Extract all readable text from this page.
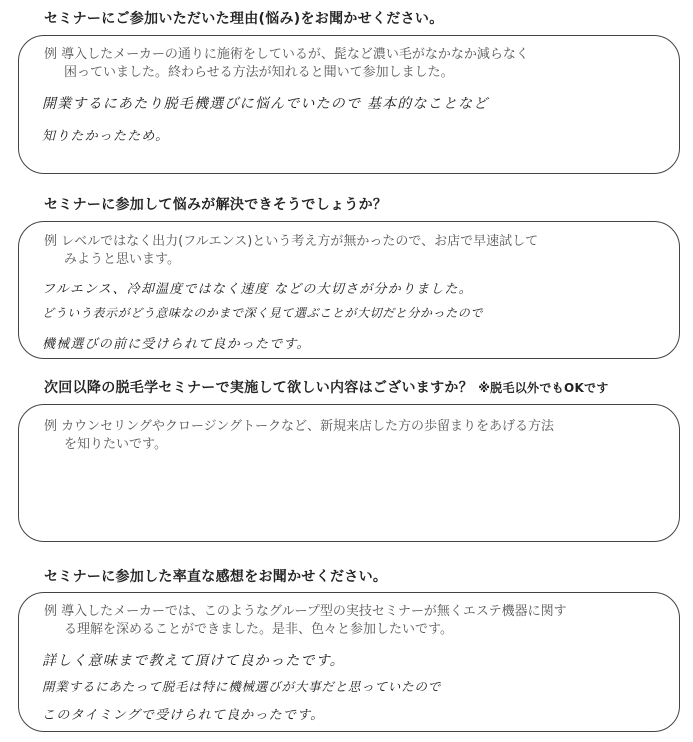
セミナーにご参加いただいた理由(悩み)をお聞かせください。
例 導入したメーカーの通りに施術をしているが、髭など濃い毛がなかなか減らなく
困っていました。終わらせる方法が知れると聞いて参加しました。
開業するにあたり脱毛機選びに悩んでいたので 基本的なことなど
知りたかったため。
セミナーに参加して悩みが解決できそうでしょうか？
例 レベルではなく出力(フルエンス)という考え方が無かったので、お店で早速試して
みようと思います。
フルエンス、冷却温度ではなく速度 などの大切さが分かりました。
どういう表示がどう意味なのかまで深く見て選ぶことが大切だと分かったので
機械選びの前に受けられて良かったです。
次回以降の脱毛学セミナーで実施して欲しい内容はございますか？ ※脱毛以外でもOKです
例 カウンセリングやクロージングトークなど、新規来店した方の歩留まりをあげる方法
を知りたいです。
セミナーに参加した率直な感想をお聞かせください。
例 導入したメーカーでは、このようなグループ型の実技セミナーが無くエステ機器に関す
る理解を深めることができました。是非、色々と参加したいです。
詳しく意味まで教えて頂けて良かったです。
開業するにあたって脱毛は特に機械選びが大事だと思っていたので
このタイミングで受けられて良かったです。
